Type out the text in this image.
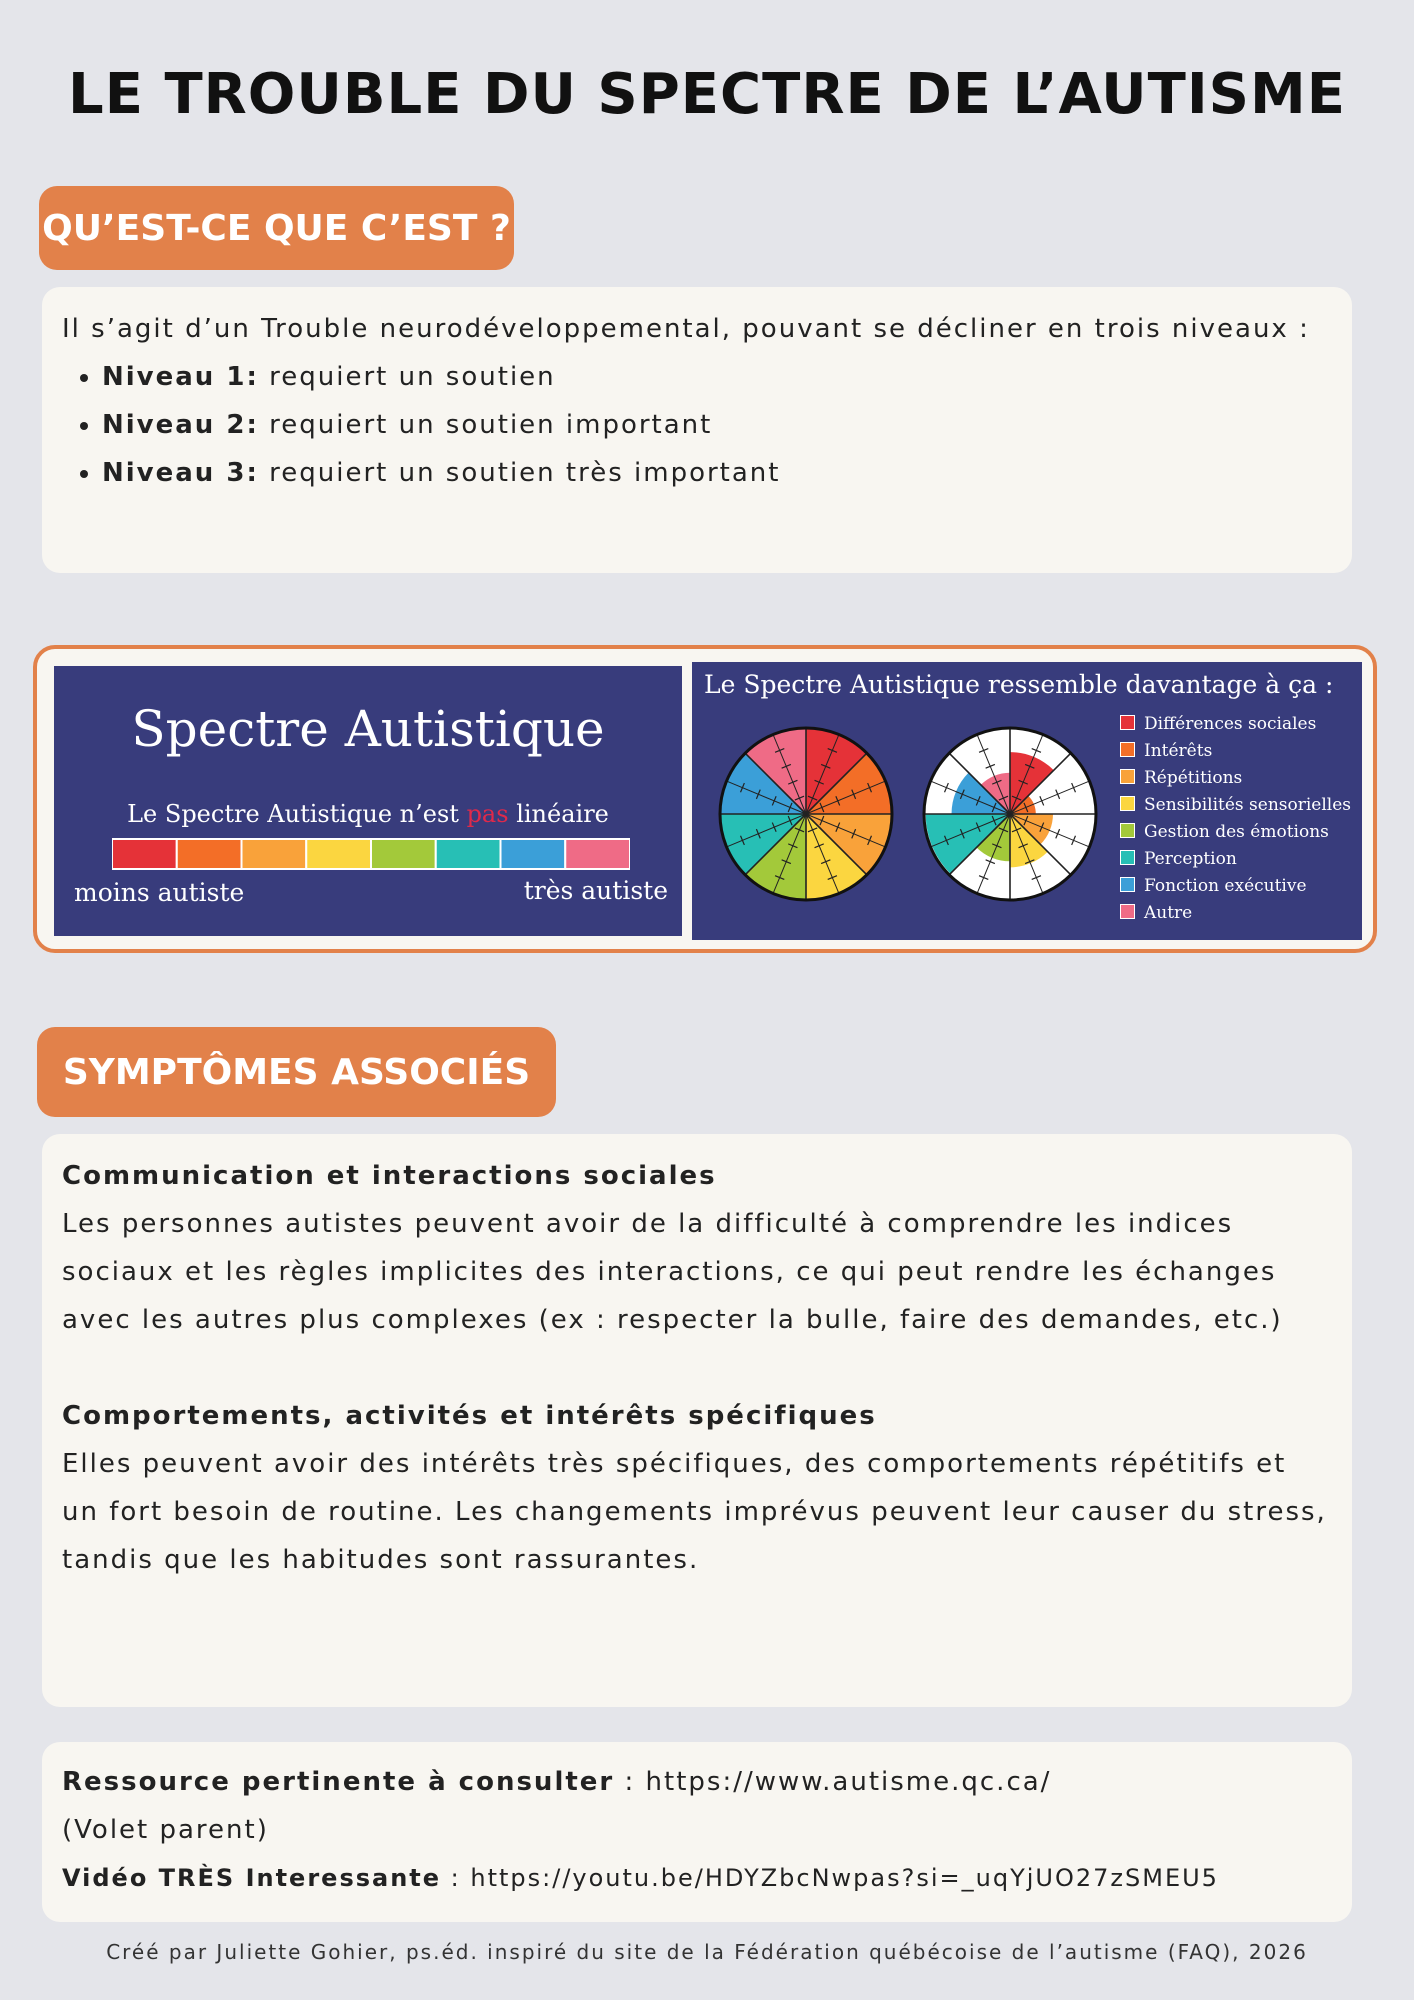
LE TROUBLE DU SPECTRE DE L’AUTISME
QU’EST-CE QUE C’EST ?
Il s’agit d’un Trouble neurodéveloppemental, pouvant se décliner en trois niveaux :
• Niveau 1: requiert un soutien
• Niveau 2: requiert un soutien important
• Niveau 3: requiert un soutien très important
Spectre Autistique
Le Spectre Autistique n’est pas linéaire
moins autiste	très autiste
Le Spectre Autistique ressemble davantage à ça :
Différences sociales
Intérêts
Répétitions
Sensibilités sensorielles
Gestion des émotions
Perception
Fonction exécutive
Autre
SYMPTÔMES ASSOCIÉS
Communication et interactions sociales
Les personnes autistes peuvent avoir de la difficulté à comprendre les indices sociaux et les règles implicites des interactions, ce qui peut rendre les échanges avec les autres plus complexes (ex : respecter la bulle, faire des demandes, etc.)
Comportements, activités et intérêts spécifiques
Elles peuvent avoir des intérêts très spécifiques, des comportements répétitifs et un fort besoin de routine. Les changements imprévus peuvent leur causer du stress, tandis que les habitudes sont rassurantes.
Ressource pertinente à consulter : https://www.autisme.qc.ca/
(Volet parent)
Vidéo TRÈS Interessante : https://youtu.be/HDYZbcNwpas?si=_uqYjUO27zSMEU5
Créé par Juliette Gohier, ps.éd. inspiré du site de la Fédération québécoise de l’autisme (FAQ), 2026
